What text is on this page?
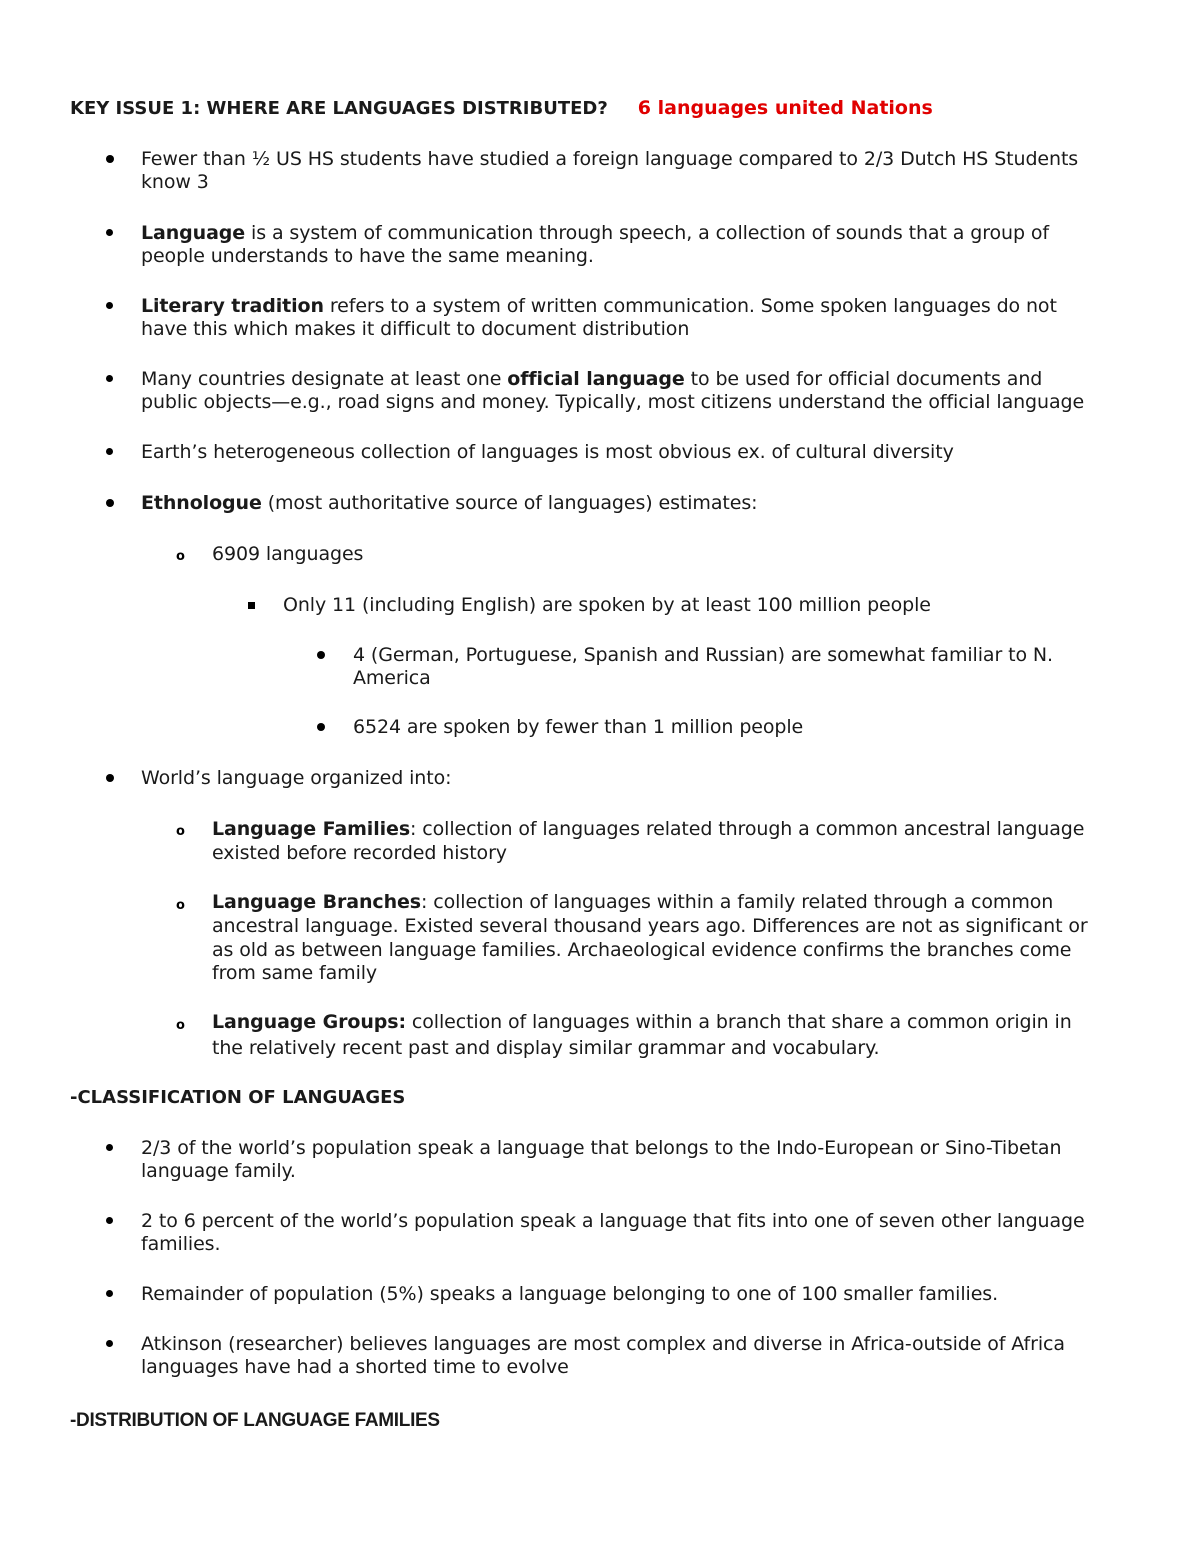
KEY ISSUE 1: WHERE ARE LANGUAGES DISTRIBUTED? 6 languages united Nations
Fewer than ½ US HS students have studied a foreign language compared to 2/3 Dutch HS Students
know 3
Language is a system of communication through speech, a collection of sounds that a group of
people understands to have the same meaning.
Literary tradition refers to a system of written communication. Some spoken languages do not
have this which makes it difficult to document distribution
Many countries designate at least one official language to be used for official documents and
public objects—e.g., road signs and money. Typically, most citizens understand the official language
Earth’s heterogeneous collection of languages is most obvious ex. of cultural diversity
Ethnologue (most authoritative source of languages) estimates:
o 6909 languages
Only 11 (including English) are spoken by at least 100 million people
4 (German, Portuguese, Spanish and Russian) are somewhat familiar to N.
America
6524 are spoken by fewer than 1 million people
World’s language organized into:
o Language Families: collection of languages related through a common ancestral language
existed before recorded history
o Language Branches: collection of languages within a family related through a common
ancestral language. Existed several thousand years ago. Differences are not as significant or
as old as between language families. Archaeological evidence confirms the branches come
from same family
o Language Groups: collection of languages within a branch that share a common origin in
the relatively recent past and display similar grammar and vocabulary.
-CLASSIFICATION OF LANGUAGES
2/3 of the world’s population speak a language that belongs to the Indo-European or Sino-Tibetan
language family.
2 to 6 percent of the world’s population speak a language that fits into one of seven other language
families.
Remainder of population (5%) speaks a language belonging to one of 100 smaller families.
Atkinson (researcher) believes languages are most complex and diverse in Africa-outside of Africa
languages have had a shorted time to evolve
-DISTRIBUTION OF LANGUAGE FAMILIES
